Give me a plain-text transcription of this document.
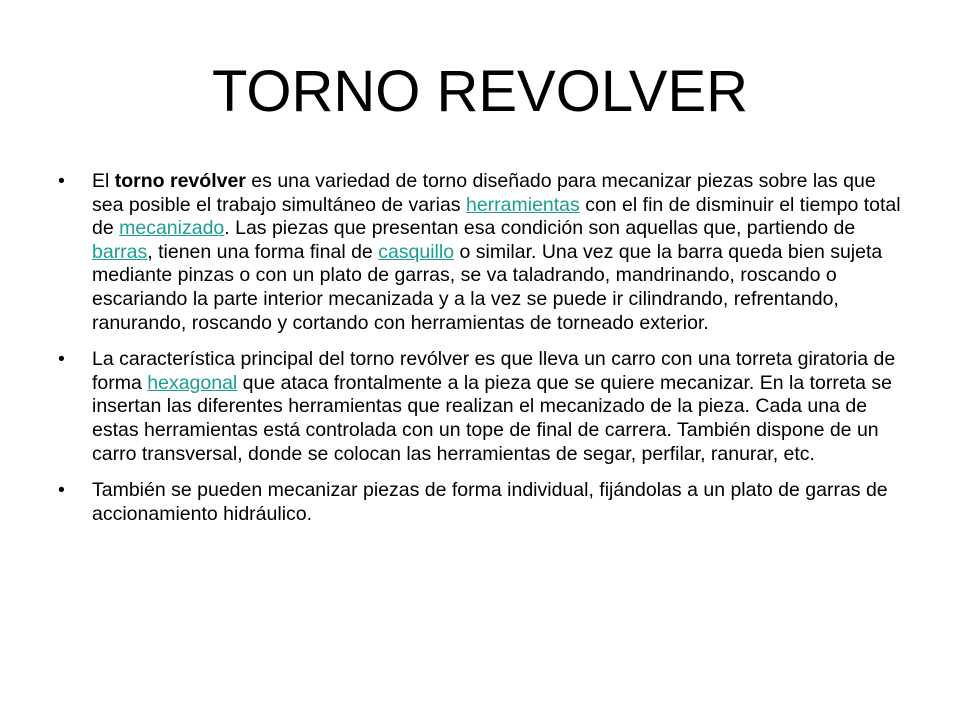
TORNO REVOLVER
•	El torno revólver es una variedad de torno diseñado para mecanizar piezas sobre las que sea posible el trabajo simultáneo de varias herramientas con el fin de disminuir el tiempo total de mecanizado. Las piezas que presentan esa condición son aquellas que, partiendo de barras, tienen una forma final de casquillo o similar. Una vez que la barra queda bien sujeta mediante pinzas o con un plato de garras, se va taladrando, mandrinando, roscando o escariando la parte interior mecanizada y a la vez se puede ir cilindrando, refrentando, ranurando, roscando y cortando con herramientas de torneado exterior.
•	La característica principal del torno revólver es que lleva un carro con una torreta giratoria de forma hexagonal que ataca frontalmente a la pieza que se quiere mecanizar. En la torreta se insertan las diferentes herramientas que realizan el mecanizado de la pieza. Cada una de estas herramientas está controlada con un tope de final de carrera. También dispone de un carro transversal, donde se colocan las herramientas de segar, perfilar, ranurar, etc.
•	También se pueden mecanizar piezas de forma individual, fijándolas a un plato de garras de accionamiento hidráulico.
